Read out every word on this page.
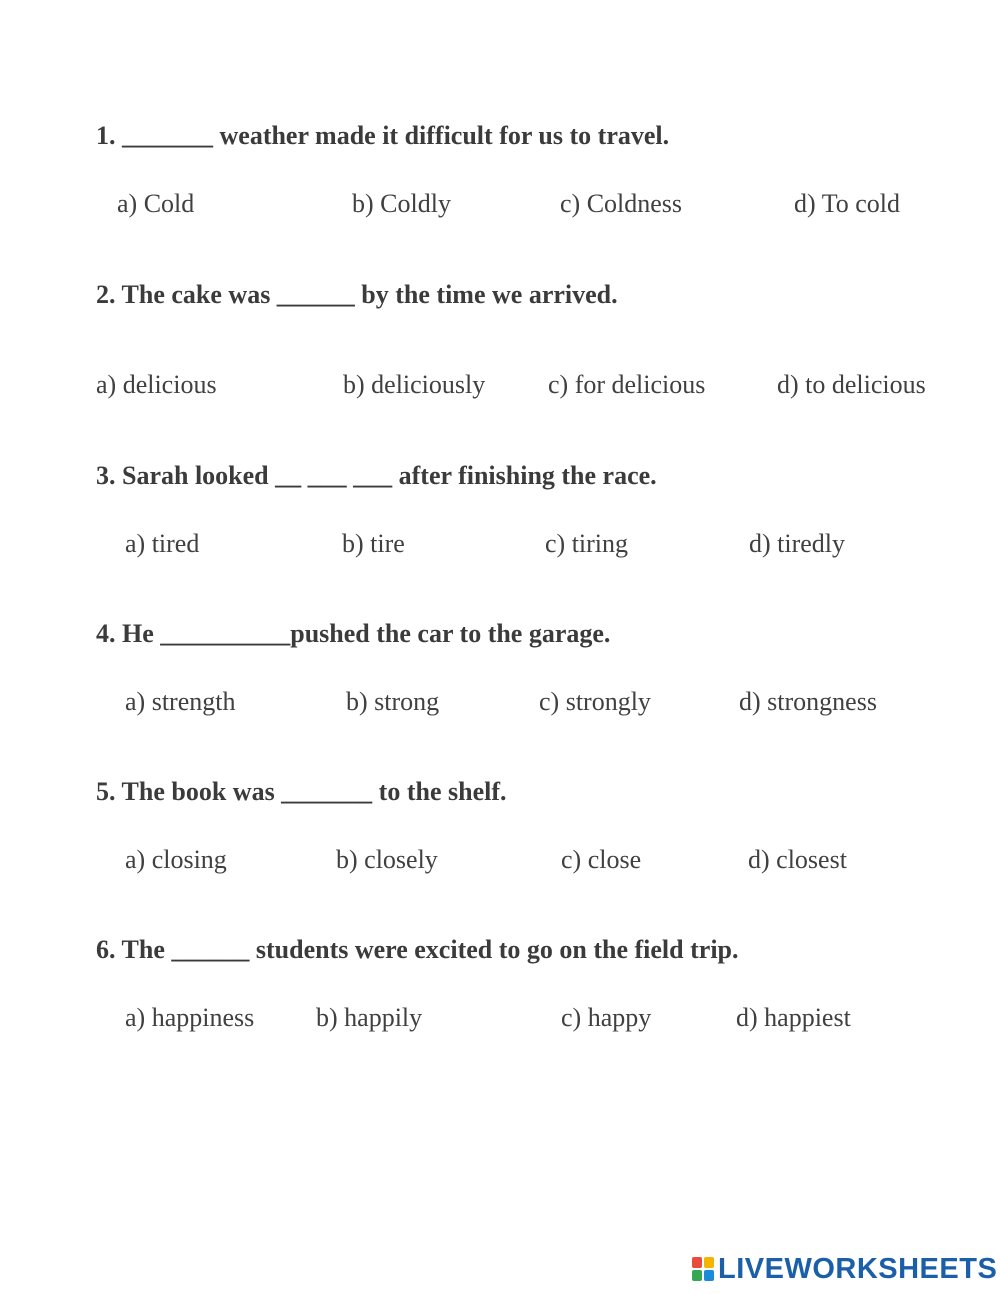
1. _______ weather made it difficult for us to travel.
a) Cold	b) Coldly	c) Coldness	d) To cold
2. The cake was ______ by the time we arrived.
a) delicious	b) deliciously c) for delicious	d) to delicious
3. Sarah looked __ ___ ___ after finishing the race.
a) tired	b) tire	c) tiring	d) tiredly
4. He __________pushed the car to the garage.
a) strength	b) strong	c) strongly	d) strongness
5. The book was _______ to the shelf.
a) closing	b) closely	c) close	d) closest
6. The ______ students were excited to go on the field trip.
a) happiness b) happily	c) happy	d) happiest
LIVEWORKSHEETS
